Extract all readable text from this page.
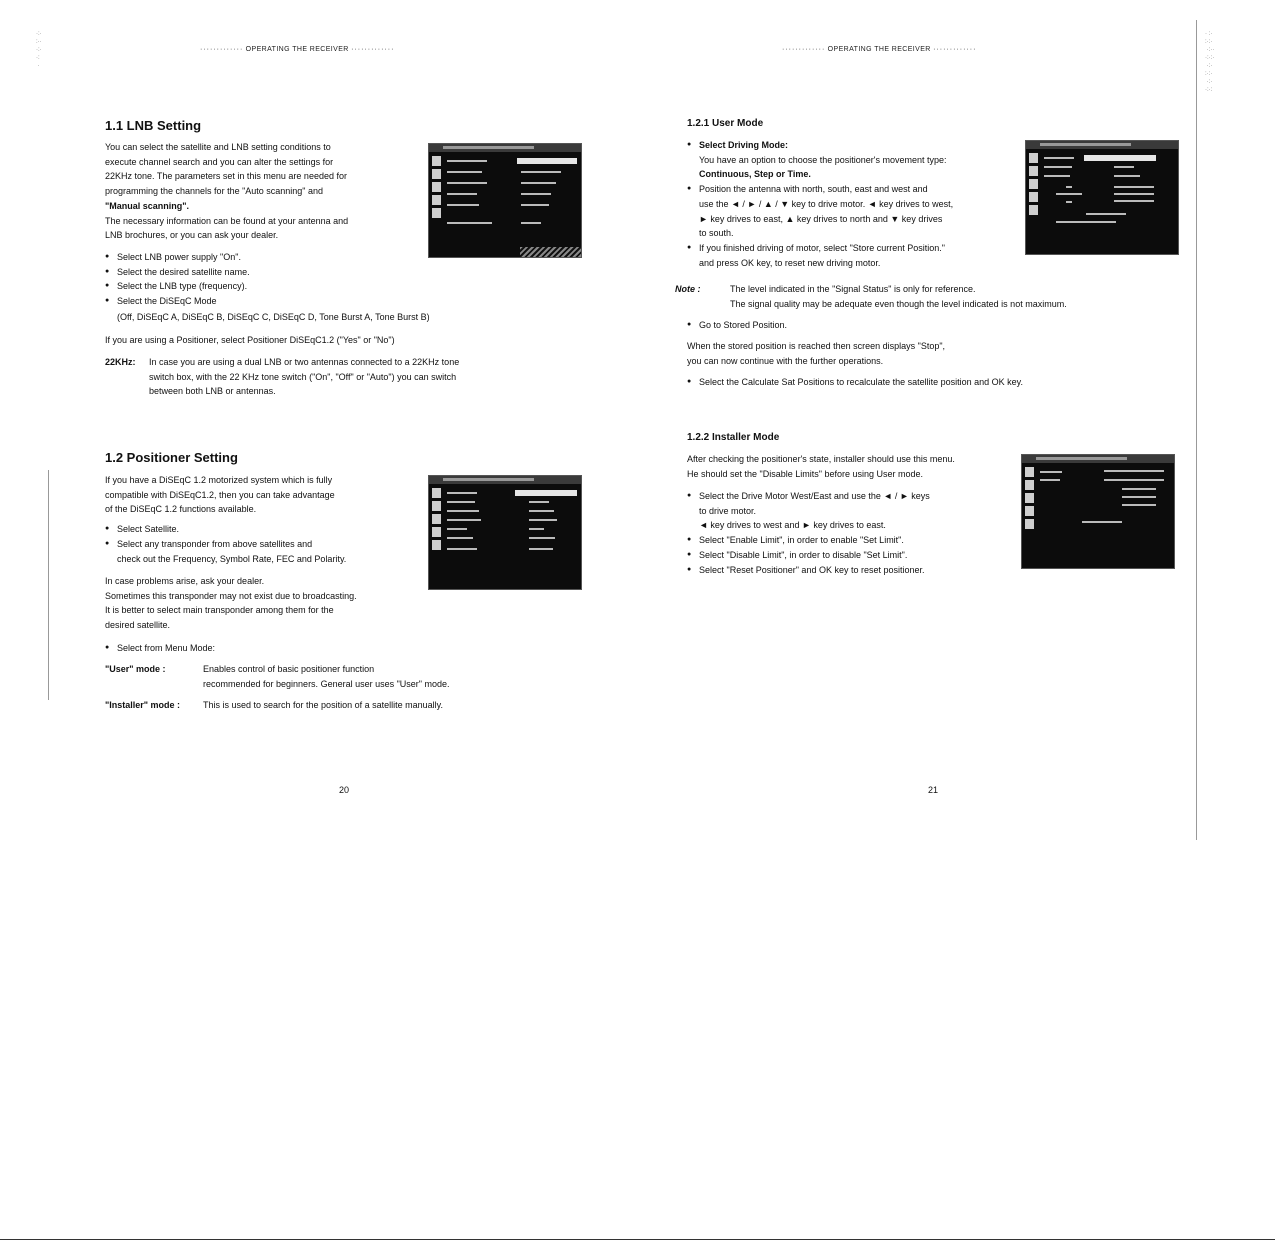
············· OPERATING THE RECEIVER ·············
1.1 LNB Setting
You can select the satellite and LNB setting conditions to
execute channel search and you can alter the settings for
22KHz tone. The parameters set in this menu are needed for
programming the channels for the "Auto scanning" and
"Manual scanning".
The necessary information can be found at your antenna and
LNB brochures, or you can ask your dealer.
● Select LNB power supply "On".
● Select the desired satellite name.
● Select the LNB type (frequency).
● Select the DiSEqC Mode
(Off, DiSEqC A, DiSEqC B, DiSEqC C, DiSEqC D, Tone Burst A, Tone Burst B)
If you are using a Positioner, select Positioner DiSEqC1.2 ("Yes" or "No")
22KHz:	In case you are using a dual LNB or two antennas connected to a 22KHz tone
switch box, with the 22 KHz tone switch ("On", "Off" or "Auto") you can switch
between both LNB or antennas.
1.2 Positioner Setting
If you have a DiSEqC 1.2 motorized system which is fully
compatible with DiSEqC1.2, then you can take advantage
of the DiSEqC 1.2 functions available.
● Select Satellite.
● Select any transponder from above satellites and
check out the Frequency, Symbol Rate, FEC and Polarity.
In case problems arise, ask your dealer.
Sometimes this transponder may not exist due to broadcasting.
It is better to select main transponder among them for the
desired satellite.
● Select from Menu Mode:
"User" mode :	Enables control of basic positioner function
recommended for beginners. General user uses "User" mode.
"Installer" mode :	This is used to search for the position of a satellite manually.
20
············· OPERATING THE RECEIVER ·············
1.2.1 User Mode
● Select Driving Mode:
You have an option to choose the positioner's movement type:
Continuous, Step or Time.
● Position the antenna with north, south, east and west and
use the ◄ / ► / ▲ / ▼ key to drive motor. ◄ key drives to west,
► key drives to east, ▲ key drives to north and ▼ key drives
to south.
● If you finished driving of motor, select "Store current Position."
and press OK key, to reset new driving motor.
Note :	The level indicated in the "Signal Status" is only for reference.
The signal quality may be adequate even though the level indicated is not maximum.
● Go to Stored Position.
When the stored position is reached then screen displays "Stop",
you can now continue with the further operations.
● Select the Calculate Sat Positions to recalculate the satellite position and OK key.
1.2.2 Installer Mode
After checking the positioner's state, installer should use this menu.
He should set the "Disable Limits" before using User mode.
● Select the Drive Motor West/East and use the ◄ / ► keys
to drive motor.
◄ key drives to west and ► key drives to east.
● Select "Enable Limit", in order to enable "Set Limit".
● Select "Disable Limit", in order to disable "Set Limit".
● Select "Reset Positioner" and OK key to reset positioner.
21
·:·
:··
·:·
·:
·
· :·
:·:·
·:··
·:·:·
·:·
:·:·
·:·
·:·:
